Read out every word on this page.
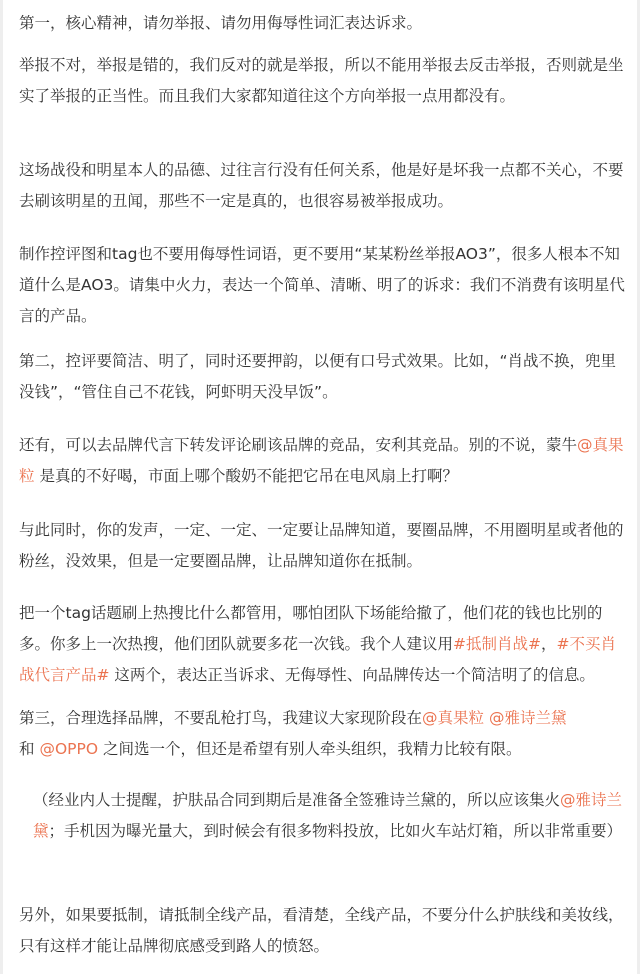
第一，核心精神，请勿举报、请勿用侮辱性词汇表达诉求。

举报不对，举报是错的，我们反对的就是举报，所以不能用举报去反击举报，否则就是坐实了举报的正当性。而且我们大家都知道往这个方向举报一点用都没有。

这场战役和明星本人的品德、过往言行没有任何关系，他是好是坏我一点都不关心，不要去刷该明星的丑闻，那些不一定是真的，也很容易被举报成功。

制作控评图和tag也不要用侮辱性词语，更不要用“某某粉丝举报AO3”，很多人根本不知道什么是AO3。请集中火力，表达一个简单、清晰、明了的诉求：我们不消费有该明星代言的产品。

第二，控评要简洁、明了，同时还要押韵，以便有口号式效果。比如，“肖战不换，兜里没钱”，“管住自己不花钱，阿虾明天没早饭”。

还有，可以去品牌代言下转发评论刷该品牌的竞品，安利其竞品。别的不说，蒙牛@真果粒 是真的不好喝，市面上哪个酸奶不能把它吊在电风扇上打啊？

与此同时，你的发声，一定、一定、一定要让品牌知道，要圈品牌，不用圈明星或者他的粉丝，没效果，但是一定要圈品牌，让品牌知道你在抵制。

把一个tag话题刷上热搜比什么都管用，哪怕团队下场能给撤了，他们花的钱也比别的多。你多上一次热搜，他们团队就要多花一次钱。我个人建议用#抵制肖战#，#不买肖战代言产品# 这两个，表达正当诉求、无侮辱性、向品牌传达一个简洁明了的信息。

第三，合理选择品牌，不要乱枪打鸟，我建议大家现阶段在@真果粒 @雅诗兰黛
和 @OPPO 之间选一个，但还是希望有别人牵头组织，我精力比较有限。

（经业内人士提醒，护肤品合同到期后是准备全签雅诗兰黛的，所以应该集火@雅诗兰黛；手机因为曝光量大，到时候会有很多物料投放，比如火车站灯箱，所以非常重要）

另外，如果要抵制，请抵制全线产品，看清楚，全线产品，不要分什么护肤线和美妆线，只有这样才能让品牌彻底感受到路人的愤怒。
